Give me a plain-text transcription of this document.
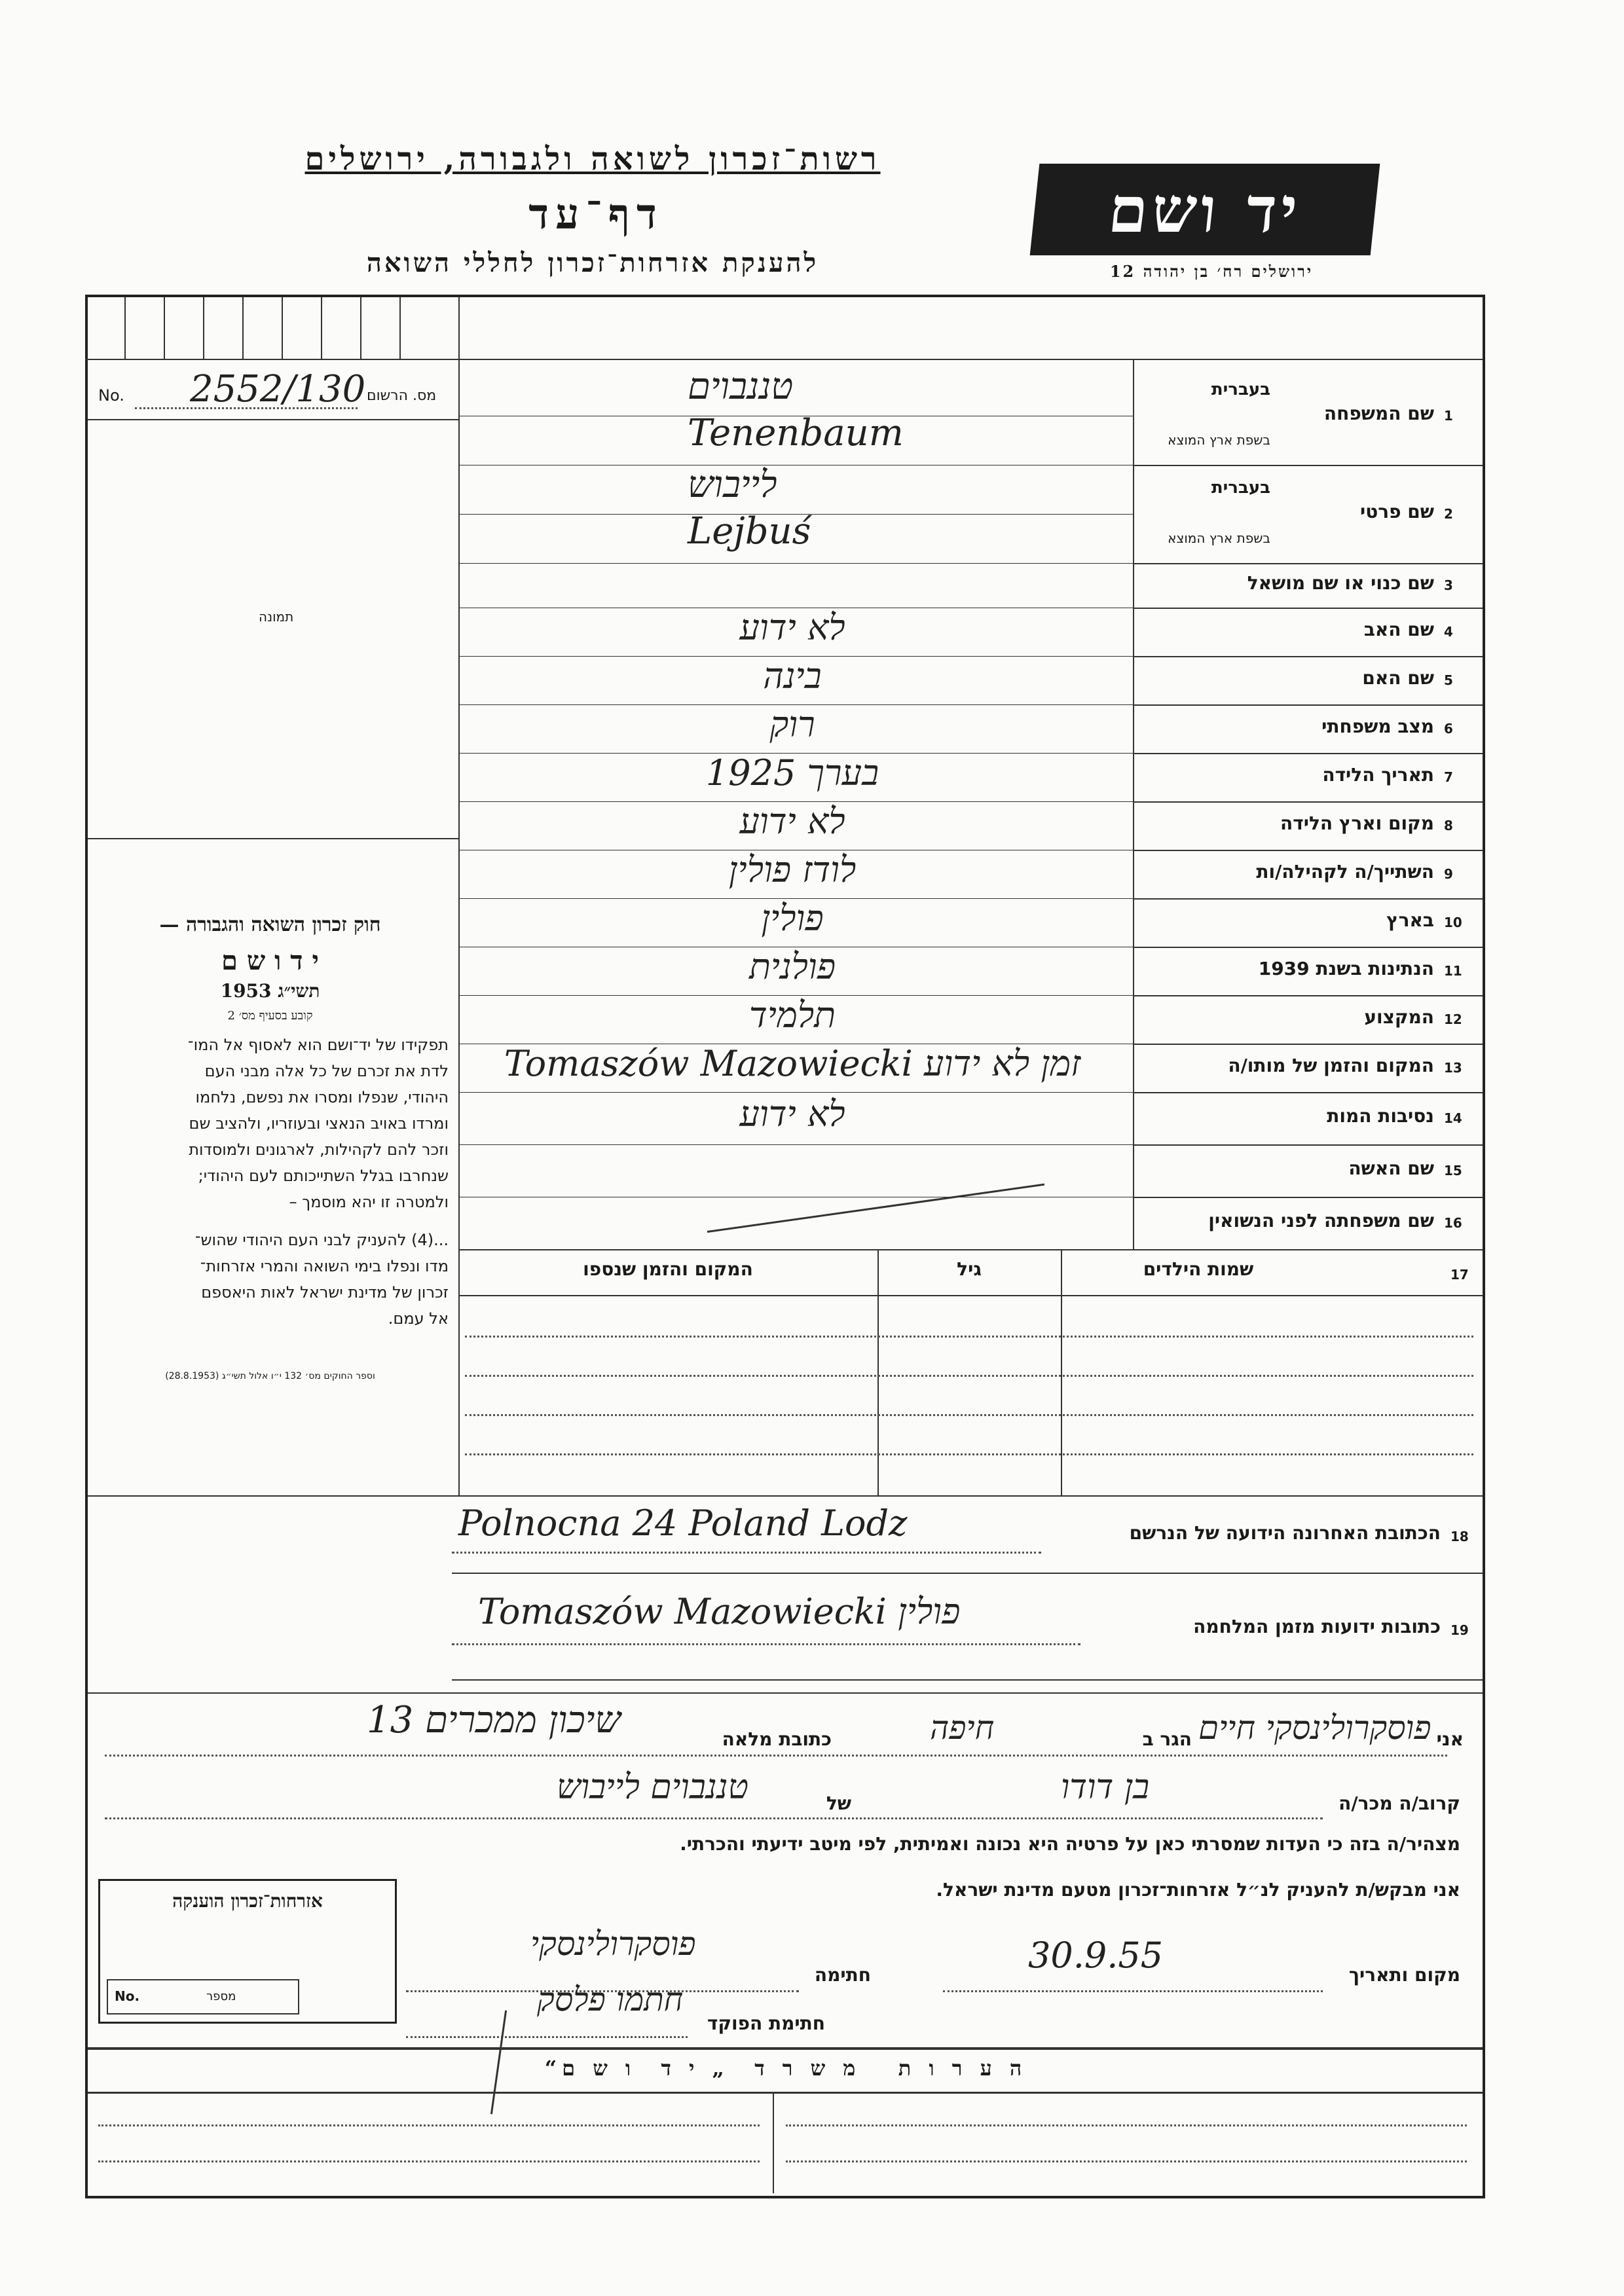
רשות־זכרון לשואה ולגבורה, ירושלים
דף־עד
להענקת אזרחות־זכרון לחללי השואה
יד ושם
ירושלים רח׳ בן יהודה 12
No. 2552/130 מס. הרשום
תמונה
חוק זכרון השואה והגבורה —
י ד ו ש ם
תשי״ג 1953
קובע בסעיף מס׳ 2
תפקידו של יד־ושם הוא לאסוף אל המו־
לדת את זכרם של כל אלה מבני העם
היהודי, שנפלו ומסרו את נפשם, נלחמו
ומרדו באויב הנאצי ובעוזריו, ולהציב שם
וזכר להם לקהילות, לארגונים ולמוסדות
שנחרבו בגלל השתייכותם לעם היהודי;
ולמטרה זו יהא מוסמך –
...(4) להעניק לבני העם היהודי שהוש־
מדו ונפלו בימי השואה והמרי אזרחות־
זכרון של מדינת ישראל לאות היאספם
אל עמם.
וספר החוקים מס׳ 132 י״ו אלול תשי״ג (28.8.1953)
1
שם המשפחה
בעברית
בשפת ארץ המוצא
טננבוים
Tenenbaum
2
שם פרטי
בעברית
בשפת ארץ המוצא
לייבוש
Lejbuś
3
שם כנוי או שם מושאל
4
שם האב
לא ידוע
5
שם האם
בינה
6
מצב משפחתי
רוק
7
תאריך הלידה
בערך 1925
8
מקום וארץ הלידה
לא ידוע
9
השתייך/ה לקהילה/ות
לודז פולין
10
בארץ
פולין
11
הנתינות בשנת 1939
פולנית
12
המקצוע
תלמיד
13
המקום והזמן של מותו/ה
Tomaszów Mazowiecki זמן לא ידוע
14
נסיבות המות
לא ידוע
15
שם האשה
16
שם משפחתה לפני הנשואין
17
שמות הילדים
גיל
המקום והזמן שנספו
18
הכתובת האחרונה הידועה של הנרשם
Polnocna 24 Poland Lodz
19
כתובות ידועות מזמן המלחמה
Tomaszów Mazowiecki פולין
אני
פוסקרולינסקי חיים
הגר ב
חיפה
כתובת מלאה
שיכון ממכרים 13
קרוב/ה מכר/ה
בן דודו
של
טננבוים לייבוש
מצהיר/ה בזה כי העדות שמסרתי כאן על פרטיה היא נכונה ואמיתית, לפי מיטב ידיעתי והכרתי.
אני מבקש/ת להעניק לנ״ל אזרחות־זכרון מטעם מדינת ישראל.
מקום ותאריך
30.9.55
חתימה
פוסקרולינסקי
חתימת הפוקד
חתמו פלסק
אזרחות־זכרון הוענקה
No.	מספר
ה ע ר ו ת   מ ש ר ד  „ י ד  ו ש ם“
